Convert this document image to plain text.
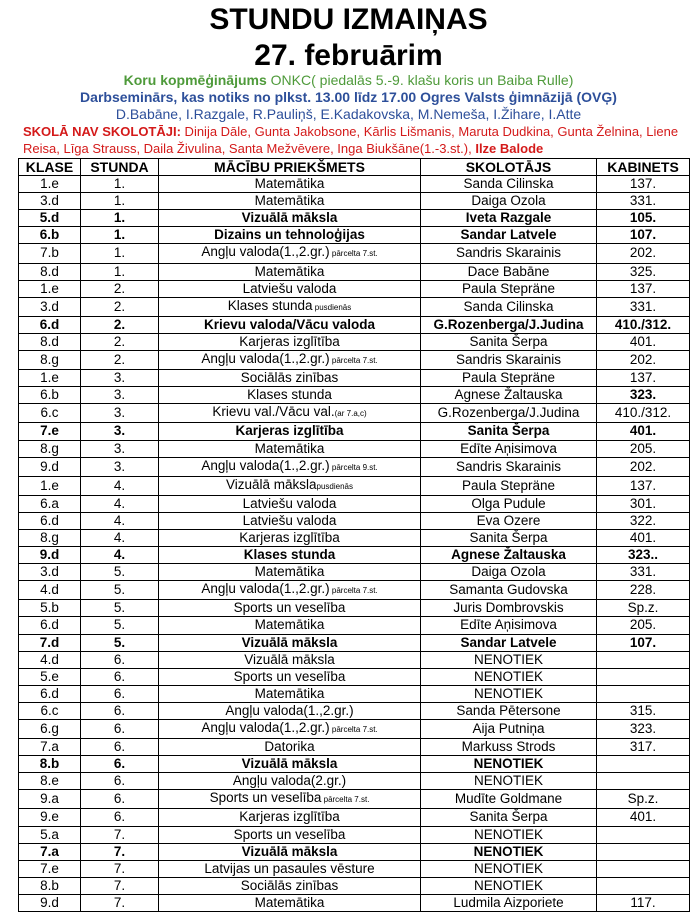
STUNDU IZMAIŅAS

27. februārim

Koru kopmēģinājums ONKC( piedalās 5.-9. klašu koris un Baiba Rulle)

Darbseminārs, kas notiks no plkst. 13.00 līdz 17.00 Ogres Valsts ģimnāzijā (OVĢ)

D.Babāne, I.Razgale, R.Pauliņš, E.Kadakovska, M.Nemeša, I.Žihare, I.Atte

SKOLĀ NAV SKOLOTĀJI: Dinija Dāle, Gunta Jakobsone, Kārlis Lišmanis, Maruta Dudkina, Gunta Želnina, Liene Reisa, Līga Strauss, Daila Živulina, Santa Mežvēvere, Inga Biukšāne(1.-3.st.), Ilze Balode

KLASE	STUNDA	MĀCĪBU PRIEKŠMETS	SKOLOTĀJS	KABINETS
1.e	1.	Matemātika	Sanda Cilinska	137.
3.d	1.	Matemātika	Daiga Ozola	331.
5.d	1.	Vizuālā māksla	Iveta Razgale	105.
6.b	1.	Dizains un tehnoloģijas	Sandar Latvele	107.
7.b	1.	Angļu valoda(1.,2.gr.) pārcelta 7.st.	Sandris Skarainis	202.
8.d	1.	Matemātika	Dace Babāne	325.
1.e	2.	Latviešu valoda	Paula Stepräne	137.
3.d	2.	Klases stunda pusdienās	Sanda Cilinska	331.
6.d	2.	Krievu valoda/Vācu valoda	G.Rozenberga/J.Judina	410./312.
8.d	2.	Karjeras izglītība	Sanita Šerpa	401.
8.g	2.	Angļu valoda(1.,2.gr.) pārcelta 7.st.	Sandris Skarainis	202.
1.e	3.	Sociālās zinības	Paula Stepräne	137.
6.b	3.	Klases stunda	Agnese Žaltauska	323.
6.c	3.	Krievu val./Vācu val.(ar 7.a,c)	G.Rozenberga/J.Judina	410./312.
7.e	3.	Karjeras izglītība	Sanita Šerpa	401.
8.g	3.	Matemātika	Edīte Aņisimova	205.
9.d	3.	Angļu valoda(1.,2.gr.) pārcelta 9.st.	Sandris Skarainis	202.
1.e	4.	Vizuālā mākslapusdienās	Paula Stepräne	137.
6.a	4.	Latviešu valoda	Olga Pudule	301.
6.d	4.	Latviešu valoda	Eva Ozere	322.
8.g	4.	Karjeras izglītība	Sanita Šerpa	401.
9.d	4.	Klases stunda	Agnese Žaltauska	323..
3.d	5.	Matemātika	Daiga Ozola	331.
4.d	5.	Angļu valoda(1.,2.gr.) pārcelta 7.st.	Samanta Gudovska	228.
5.b	5.	Sports un veselība	Juris Dombrovskis	Sp.z.
6.d	5.	Matemātika	Edīte Aņisimova	205.
7.d	5.	Vizuālā māksla	Sandar Latvele	107.
4.d	6.	Vizuālā māksla	NENOTIEK	
5.e	6.	Sports un veselība	NENOTIEK	
6.d	6.	Matemātika	NENOTIEK	
6.c	6.	Angļu valoda(1.,2.gr.)	Sanda Pētersone	315.
6.g	6.	Angļu valoda(1.,2.gr.) pārcelta 7.st.	Aija Putniņa	323.
7.a	6.	Datorika	Markuss Strods	317.
8.b	6.	Vizuālā māksla	NENOTIEK	
8.e	6.	Angļu valoda(2.gr.)	NENOTIEK	
9.a	6.	Sports un veselība pārcelta 7.st.	Mudīte Goldmane	Sp.z.
9.e	6.	Karjeras izglītība	Sanita Šerpa	401.
5.a	7.	Sports un veselība	NENOTIEK	
7.a	7.	Vizuālā māksla	NENOTIEK	
7.e	7.	Latvijas un pasaules vēsture	NENOTIEK	
8.b	7.	Sociālās zinības	NENOTIEK	
9.d	7.	Matemātika	Ludmila Aizporiete	117.
